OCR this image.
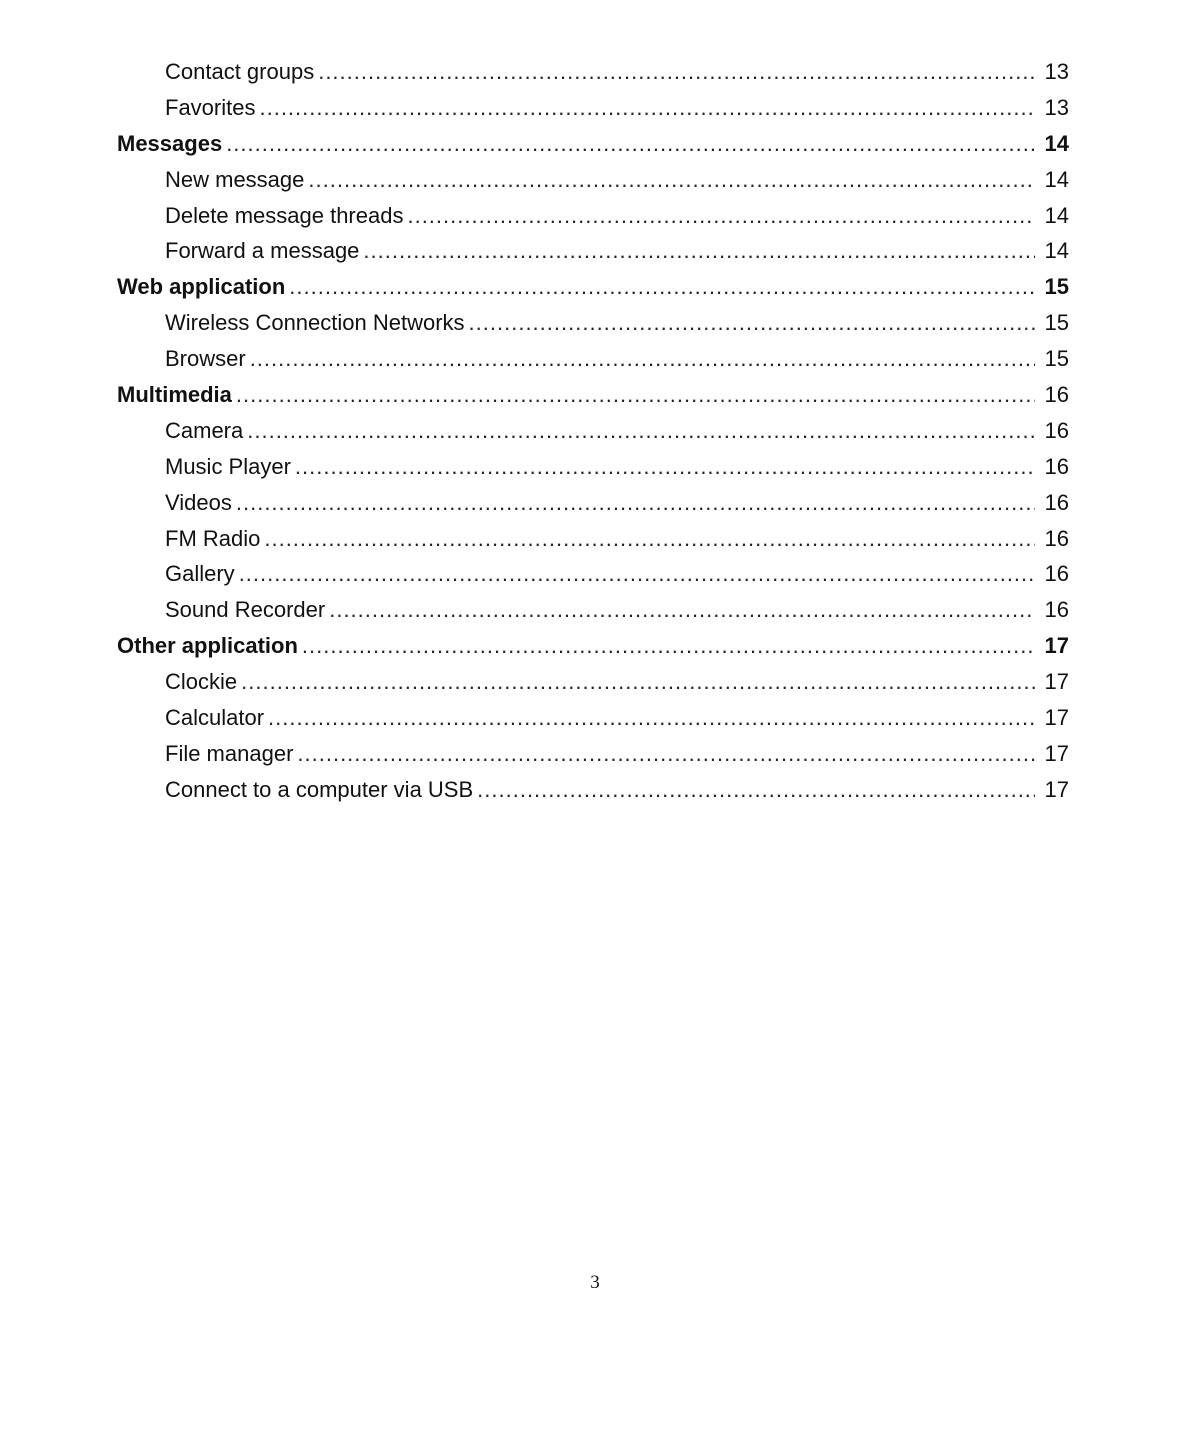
Contact groups .....	13
Favorites .....	13
Messages .....	14
New message .....	14
Delete message threads .....	14
Forward a message .....	14
Web application .....	15
Wireless Connection Networks .....	15
Browser .....	15
Multimedia .....	16
Camera .....	16
Music Player .....	16
Videos .....	16
FM Radio .....	16
Gallery .....	16
Sound Recorder .....	16
Other application .....	17
Clockie .....	17
Calculator .....	17
File manager .....	17
Connect to a computer via USB .....	17
3
